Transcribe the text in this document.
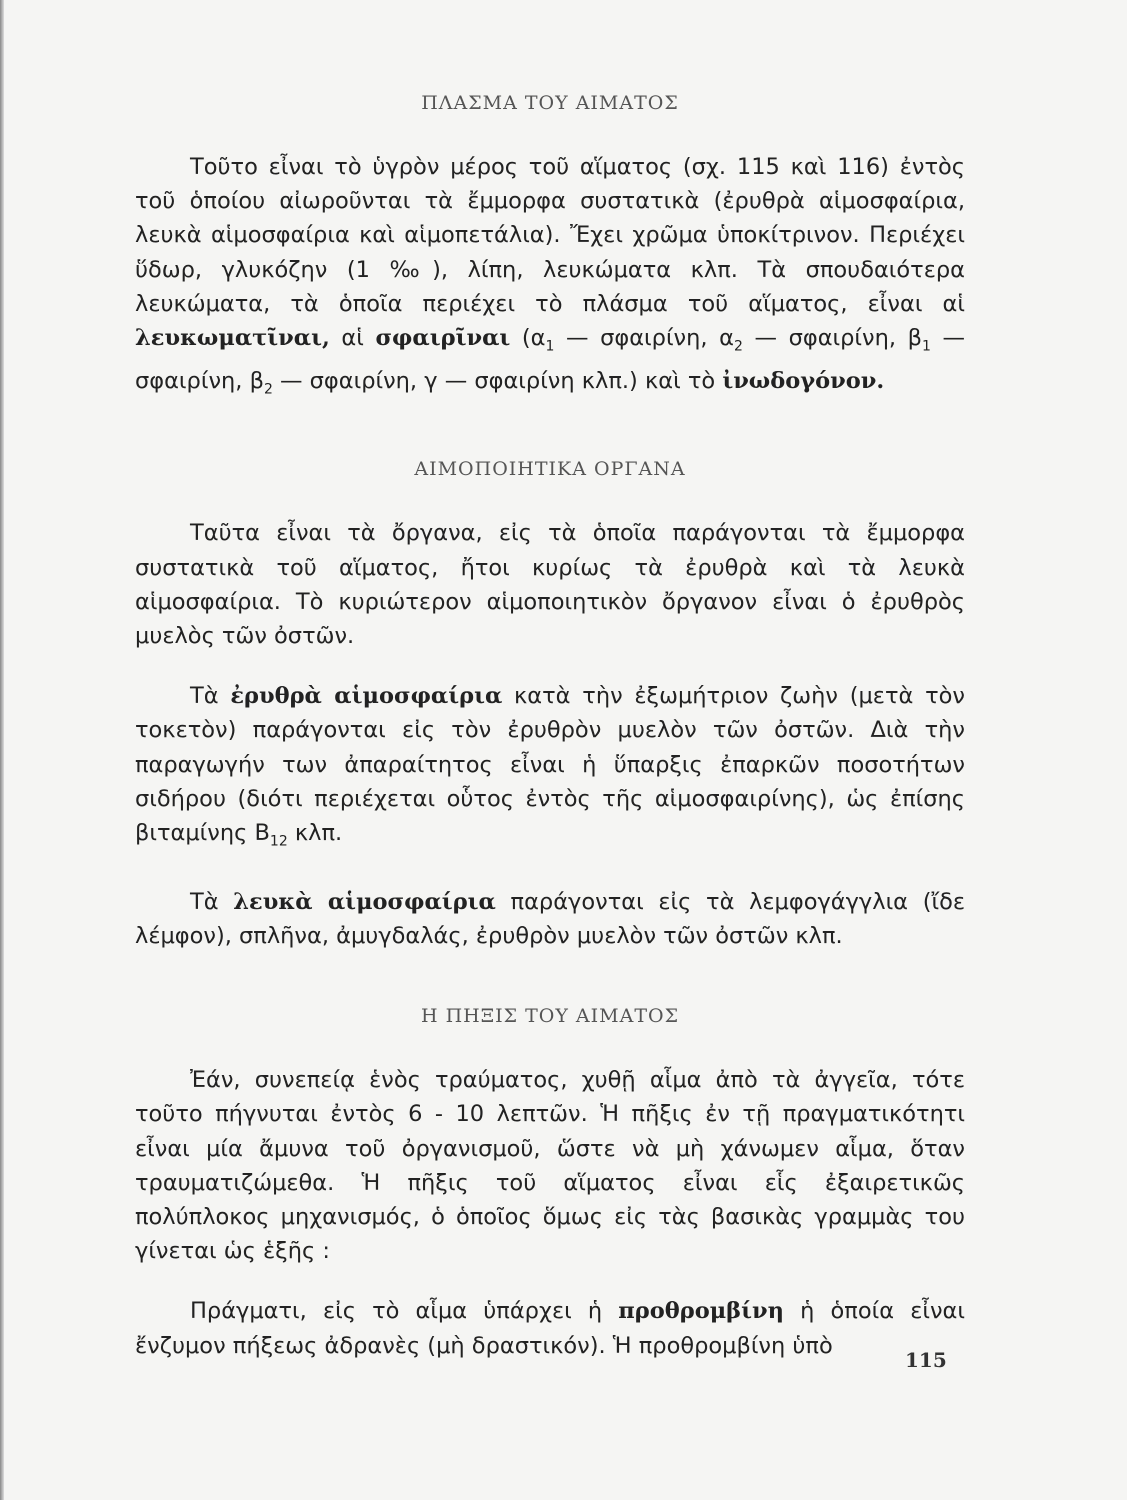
ΠΛΑΣΜΑ ΤΟΥ ΑΙΜΑΤΟΣ

Τοῦτο εἶναι τὸ ὑγρὸν μέρος τοῦ αἵματος (σχ. 115 καὶ 116) ἐντὸς τοῦ ὁποίου αἰωροῦνται τὰ ἔμμορφα συστατικὰ (ἐρυθρὰ αἱμοσφαίρια, λευκὰ αἱμοσφαίρια καὶ αἱμοπετάλια). Ἔχει χρῶμα ὑποκίτρινον. Περιέχει ὕδωρ, γλυκόζην (1 ‰), λίπη, λευκώματα κλπ. Τὰ σπουδαιότερα λευκώματα, τὰ ὁποῖα περιέχει τὸ πλάσμα τοῦ αἵματος, εἶναι αἱ λευκωματῖναι, αἱ σφαιρῖναι ($\alpha_1$ — σφαιρίνη, $\alpha_2$ — σφαιρίνη, $\beta_1$ — σφαιρίνη, $\beta_2$ — σφαιρίνη, γ — σφαιρίνη κλπ.) καὶ τὸ ἰνωδογόνον.

ΑΙΜΟΠΟΙΗΤΙΚΑ ΟΡΓΑΝΑ

Ταῦτα εἶναι τὰ ὄργανα, εἰς τὰ ὁποῖα παράγονται τὰ ἔμμορφα συστατικὰ τοῦ αἵματος, ἤτοι κυρίως τὰ ἐρυθρὰ καὶ τὰ λευκὰ αἱμοσφαίρια. Τὸ κυριώτερον αἱμοποιητικὸν ὄργανον εἶναι ὁ ἐρυθρὸς μυελὸς τῶν ὀστῶν.

Τὰ ἐρυθρὰ αἱμοσφαίρια κατὰ τὴν ἐξωμήτριον ζωὴν (μετὰ τὸν τοκετὸν) παράγονται εἰς τὸν ἐρυθρὸν μυελὸν τῶν ὀστῶν. Διὰ τὴν παραγωγήν των ἀπαραίτητος εἶναι ἡ ὕπαρξις ἐπαρκῶν ποσοτήτων σιδήρου (διότι περιέχεται οὗτος ἐντὸς τῆς αἱμοσφαιρίνης), ὡς ἐπίσης βιταμίνης $B_{12}$ κλπ.

Τὰ λευκὰ αἱμοσφαίρια παράγονται εἰς τὰ λεμφογάγγλια (ἴδε λέμφον), σπλῆνα, ἀμυγδαλάς, ἐρυθρὸν μυελὸν τῶν ὀστῶν κλπ.

Η ΠΗΞΙΣ ΤΟΥ ΑΙΜΑΤΟΣ

Ἐάν, συνεπείᾳ ἑνὸς τραύματος, χυθῇ αἷμα ἀπὸ τὰ ἀγγεῖα, τότε τοῦτο πήγνυται ἐντὸς 6 - 10 λεπτῶν. Ἡ πῆξις ἐν τῇ πραγματικότητι εἶναι μία ἄμυνα τοῦ ὀργανισμοῦ, ὥστε νὰ μὴ χάνωμεν αἷμα, ὅταν τραυματιζώμεθα. Ἡ πῆξις τοῦ αἵματος εἶναι εἷς ἐξαιρετικῶς πολύπλοκος μηχανισμός, ὁ ὁποῖος ὅμως εἰς τὰς βασικὰς γραμμὰς του γίνεται ὡς ἑξῆς :

Πράγματι, εἰς τὸ αἷμα ὑπάρχει ἡ προθρομβίνη ἡ ὁποία εἶναι ἔνζυμον πήξεως ἀδρανὲς (μὴ δραστικόν). Ἡ προθρομβίνη ὑπὸ

115
